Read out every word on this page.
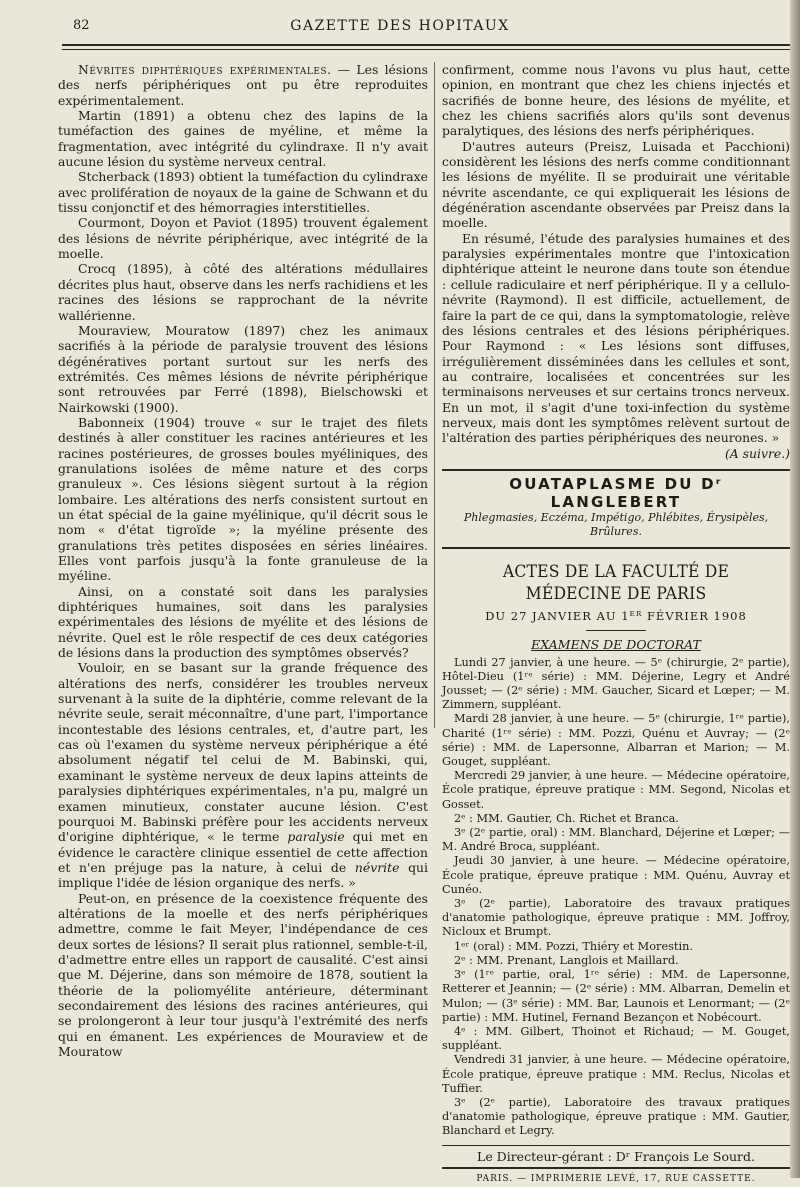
82	GAZETTE DES HOPITAUX

Névrites diphtériques expérimentales. — Les lésions des nerfs périphériques ont pu être reproduites expérimentalement.

Martin (1891) a obtenu chez des lapins de la tuméfaction des gaines de myéline, et même la fragmentation, avec intégrité du cylindraxe. Il n'y avait aucune lésion du système nerveux central.

Stcherback (1893) obtient la tuméfaction du cylindraxe avec prolifération de noyaux de la gaine de Schwann et du tissu conjonctif et des hémorragies interstitielles.

Courmont, Doyon et Paviot (1895) trouvent également des lésions de névrite périphérique, avec intégrité de la moelle.

Crocq (1895), à côté des altérations médullaires décrites plus haut, observe dans les nerfs rachidiens et les racines des lésions se rapprochant de la névrite wallérienne.

Mouraview, Mouratow (1897) chez les animaux sacrifiés à la période de paralysie trouvent des lésions dégénératives portant surtout sur les nerfs des extrémités. Ces mêmes lésions de névrite périphérique sont retrouvées par Ferré (1898), Bielschowski et Nairkowski (1900).

Babonneix (1904) trouve « sur le trajet des filets destinés à aller constituer les racines antérieures et les racines postérieures, de grosses boules myéliniques, des granulations isolées de même nature et des corps granuleux ». Ces lésions siègent surtout à la région lombaire. Les altérations des nerfs consistent surtout en un état spécial de la gaine myélinique, qu'il décrit sous le nom « d'état tigroïde »; la myéline présente des granulations très petites disposées en séries linéaires. Elles vont parfois jusqu'à la fonte granuleuse de la myéline.

Ainsi, on a constaté soit dans les paralysies diphtériques humaines, soit dans les paralysies expérimentales des lésions de myélite et des lésions de névrite. Quel est le rôle respectif de ces deux catégories de lésions dans la production des symptômes observés?

Vouloir, en se basant sur la grande fréquence des altérations des nerfs, considérer les troubles nerveux survenant à la suite de la diphtérie, comme relevant de la névrite seule, serait méconnaître, d'une part, l'importance incontestable des lésions centrales, et, d'autre part, les cas où l'examen du système nerveux périphérique a été absolument négatif tel celui de M. Babinski, qui, examinant le système nerveux de deux lapins atteints de paralysies diphtériques expérimentales, n'a pu, malgré un examen minutieux, constater aucune lésion. C'est pourquoi M. Babinski préfère pour les accidents nerveux d'origine diphtérique, « le terme paralysie qui met en évidence le caractère clinique essentiel de cette affection et n'en préjuge pas la nature, à celui de névrite qui implique l'idée de lésion organique des nerfs. »

Peut-on, en présence de la coexistence fréquente des altérations de la moelle et des nerfs périphériques admettre, comme le fait Meyer, l'indépendance de ces deux sortes de lésions? Il serait plus rationnel, semble-t-il, d'admettre entre elles un rapport de causalité. C'est ainsi que M. Déjerine, dans son mémoire de 1878, soutient la théorie de la poliomyélite antérieure, déterminant secondairement des lésions des racines antérieures, qui se prolongeront à leur tour jusqu'à l'extrémité des nerfs qui en émanent. Les expériences de Mouraview et de Mouratow

confirment, comme nous l'avons vu plus haut, cette opinion, en montrant que chez les chiens injectés et sacrifiés de bonne heure, des lésions de myélite, et chez les chiens sacrifiés alors qu'ils sont devenus paralytiques, des lésions des nerfs périphériques.

D'autres auteurs (Preisz, Luisada et Pacchioni) considèrent les lésions des nerfs comme conditionnant les lésions de myélite. Il se produirait une véritable névrite ascendante, ce qui expliquerait les lésions de dégénération ascendante observées par Preisz dans la moelle.

En résumé, l'étude des paralysies humaines et des paralysies expérimentales montre que l'intoxication diphtérique atteint le neurone dans toute son étendue : cellule radiculaire et nerf périphérique. Il y a cellulo-névrite (Raymond). Il est difficile, actuellement, de faire la part de ce qui, dans la symptomatologie, relève des lésions centrales et des lésions périphériques. Pour Raymond : « Les lésions sont diffuses, irrégulièrement disséminées dans les cellules et sont, au contraire, localisées et concentrées sur les terminaisons nerveuses et sur certains troncs nerveux. En un mot, il s'agit d'une toxi-infection du système nerveux, mais dont les symptômes relèvent surtout de l'altération des parties périphériques des neurones. »

(A suivre.)
OUATAPLASME DU Dʳ LANGLEBERT
Phlegmasies, Eczéma, Impétigo, Phlébites, Érysipèles, Brûlures.
ACTES DE LA FACULTÉ DE MÉDECINE DE PARIS
DU 27 JANVIER AU 1ᴱᴿ FÉVRIER 1908
EXAMENS DE DOCTORAT

Lundi 27 janvier, à une heure. — 5ᵉ (chirurgie, 2ᵉ partie), Hôtel-Dieu (1ʳᵉ série) : MM. Déjerine, Legry et André Jousset; — (2ᵉ série) : MM. Gaucher, Sicard et Lœper; — M. Zimmern, suppléant.

Mardi 28 janvier, à une heure. — 5ᵉ (chirurgie, 1ʳᵉ partie), Charité (1ʳᵉ série) : MM. Pozzi, Quénu et Auvray; — (2ᵉ série) : MM. de Lapersonne, Albarran et Marion; — M. Gouget, suppléant.

Mercredi 29 janvier, à une heure. — Médecine opératoire, École pratique, épreuve pratique : MM. Segond, Nicolas et Gosset.

2ᵉ : MM. Gautier, Ch. Richet et Branca.

3ᵉ (2ᵉ partie, oral) : MM. Blanchard, Déjerine et Lœper; — M. André Broca, suppléant.

Jeudi 30 janvier, à une heure. — Médecine opératoire, École pratique, épreuve pratique : MM. Quénu, Auvray et Cunéo.

3ᵉ (2ᵉ partie), Laboratoire des travaux pratiques d'anatomie pathologique, épreuve pratique : MM. Joffroy, Nicloux et Brumpt.

1ᵉʳ (oral) : MM. Pozzi, Thiéry et Morestin.

2ᵉ : MM. Prenant, Langlois et Maillard.

3ᵉ (1ʳᵉ partie, oral, 1ʳᵉ série) : MM. de Lapersonne, Retterer et Jeannin; — (2ᵉ série) : MM. Albarran, Demelin et Mulon; — (3ᵉ série) : MM. Bar, Launois et Lenormant; — (2ᵉ partie) : MM. Hutinel, Fernand Bezançon et Nobécourt.

4ᵉ : MM. Gilbert, Thoinot et Richaud; — M. Gouget, suppléant.

Vendredi 31 janvier, à une heure. — Médecine opératoire, École pratique, épreuve pratique : MM. Reclus, Nicolas et Tuffier.

3ᵉ (2ᵉ partie), Laboratoire des travaux pratiques d'anatomie pathologique, épreuve pratique : MM. Gautier, Blanchard et Legry.

Le Directeur-gérant : Dʳ François Le Sourd.
PARIS. — IMPRIMERIE LEVÉ, 17, RUE CASSETTE.
